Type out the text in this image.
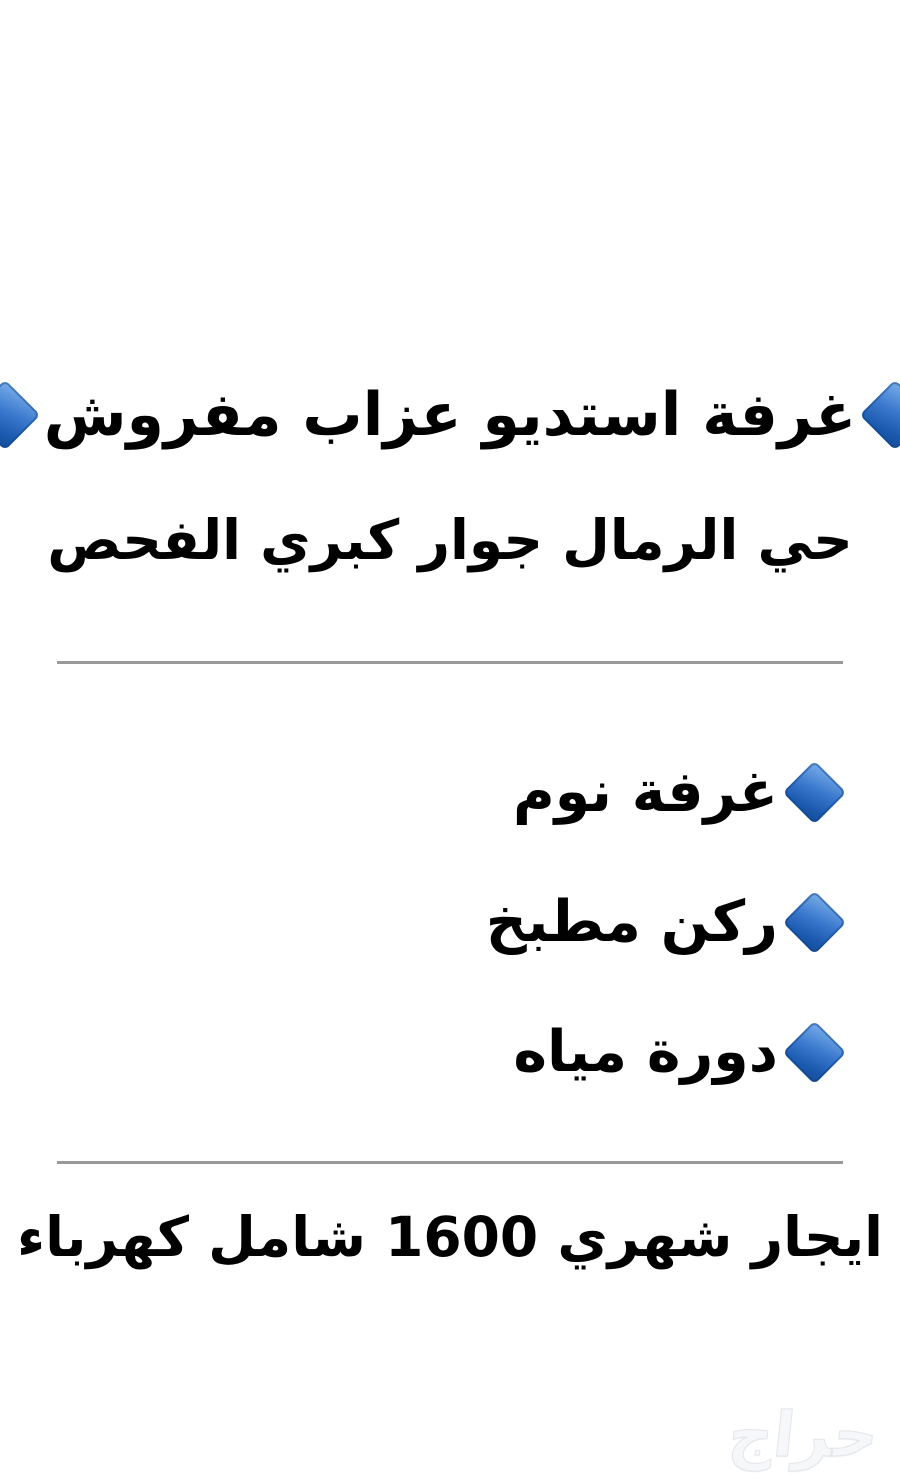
غرفة استديو عزاب مفروش
حي الرمال جوار كبري الفحص
غرفة نوم
ركن مطبخ
دورة مياه
ايجار شهري 1600 شامل كهرباء
حراج
